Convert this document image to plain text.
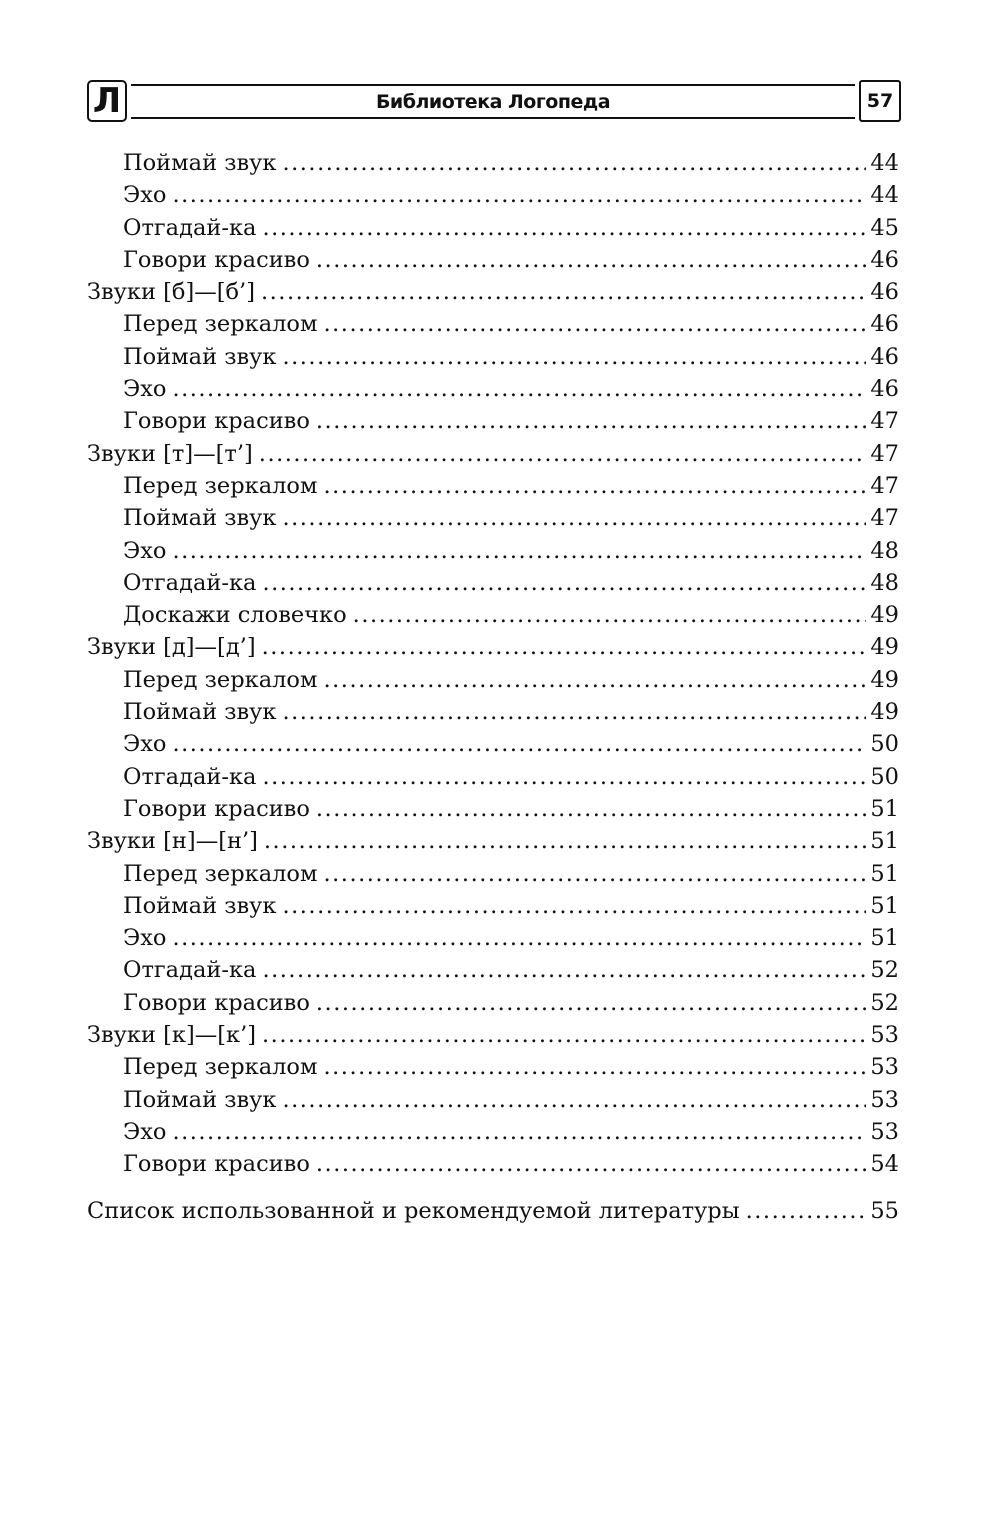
Л	Библиотека Логопеда	57
Поймай звук .....	44
Эхо .....	44
Отгадай-ка .....	45
Говори красиво .....	46
Звуки [б]—[б’] .....	46
Перед зеркалом .....	46
Поймай звук .....	46
Эхо .....	46
Говори красиво .....	47
Звуки [т]—[т’] .....	47
Перед зеркалом .....	47
Поймай звук .....	47
Эхо .....	48
Отгадай-ка .....	48
Доскажи словечко .....	49
Звуки [д]—[д’] .....	49
Перед зеркалом .....	49
Поймай звук .....	49
Эхо .....	50
Отгадай-ка .....	50
Говори красиво .....	51
Звуки [н]—[н’] .....	51
Перед зеркалом .....	51
Поймай звук .....	51
Эхо .....	51
Отгадай-ка .....	52
Говори красиво .....	52
Звуки [к]—[к’] .....	53
Перед зеркалом .....	53
Поймай звук .....	53
Эхо .....	53
Говори красиво .....	54
Список использованной и рекомендуемой литературы .....	55
